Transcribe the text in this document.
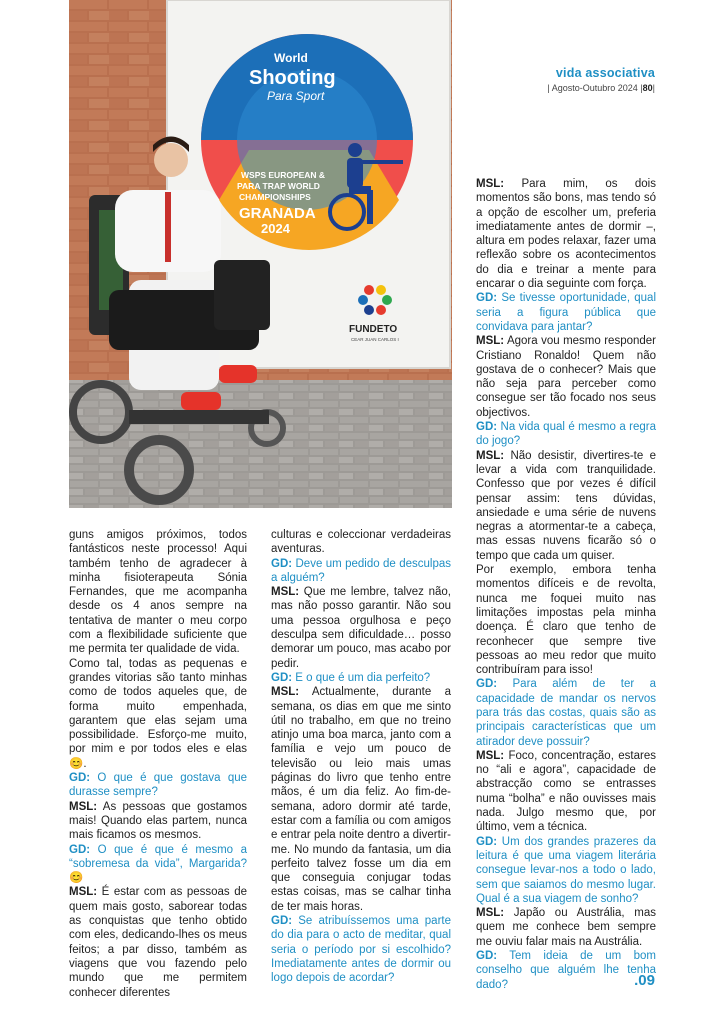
World
Shooting
Para Sport
WSPS EUROPEAN &
PARA TRAP WORLD
CHAMPIONSHIPS
GRANADA
2024
FUNDETO
CEAR JUAN CARLOS I
vida associativa
| Agosto-Outubro 2024 |80|

guns amigos próximos, todos fantásticos neste processo! Aqui também tenho de agradecer à minha fisioterapeuta Sónia Fernandes, que me acompanha desde os 4 anos sempre na tentativa de manter o meu corpo com a flexibilidade suficiente que me permita ter qualidade de vida.

Como tal, todas as pequenas e grandes vitorias são tanto minhas como de todos aqueles que, de forma muito empenhada, garantem que elas sejam uma possibilidade. Esforço-me muito, por mim e por todos eles e elas 😊.

GD: O que é que gostava que durasse sempre?

MSL: As pessoas que gostamos mais! Quando elas partem, nunca mais ficamos os mesmos.

GD: O que é que é mesmo a “sobremesa da vida”, Margarida? 😊

MSL: É estar com as pessoas de quem mais gosto, saborear todas as conquistas que tenho obtido com eles, dedicando-lhes os meus feitos; a par disso, também as viagens que vou fazendo pelo mundo que me permitem conhecer diferentes

culturas e coleccionar verdadeiras aventuras.

GD: Deve um pedido de desculpas a alguém?

MSL: Que me lembre, talvez não, mas não posso garantir. Não sou uma pessoa orgulhosa e peço desculpa sem dificuldade… posso demorar um pouco, mas acabo por pedir.

GD: E o que é um dia perfeito?

MSL: Actualmente, durante a semana, os dias em que me sinto útil no trabalho, em que no treino atinjo uma boa marca, janto com a família e vejo um pouco de televisão ou leio mais umas páginas do livro que tenho entre mãos, é um dia feliz. Ao fim-de-semana, adoro dormir até tarde, estar com a família ou com amigos e entrar pela noite dentro a divertir-me. No mundo da fantasia, um dia perfeito talvez fosse um dia em que conseguia conjugar todas estas coisas, mas se calhar tinha de ter mais horas.

GD: Se atribuíssemos uma parte do dia para o acto de meditar, qual seria o período por si escolhido? Imediatamente antes de dormir ou logo depois de acordar?

MSL: Para mim, os dois momentos são bons, mas tendo só a opção de escolher um, preferia imediatamente antes de dormir –, altura em podes relaxar, fazer uma reflexão sobre os acontecimentos do dia e treinar a mente para encarar o dia seguinte com força.

GD: Se tivesse oportunidade, qual seria a figura pública que convidava para jantar?

MSL: Agora vou mesmo responder Cristiano Ronaldo! Quem não gostava de o conhecer? Mais que não seja para perceber como consegue ser tão focado nos seus objectivos.

GD: Na vida qual é mesmo a regra do jogo?

MSL: Não desistir, divertires-te e levar a vida com tranquilidade. Confesso que por vezes é difícil pensar assim: tens dúvidas, ansiedade e uma série de nuvens negras a atormentar-te a cabeça, mas essas nuvens ficarão só o tempo que cada um quiser.

Por exemplo, embora tenha momentos difíceis e de revolta, nunca me foquei muito nas limitações impostas pela minha doença. É claro que tenho de reconhecer que sempre tive pessoas ao meu redor que muito contribuíram para isso!

GD: Para além de ter a capacidade de mandar os nervos para trás das costas, quais são as principais características que um atirador deve possuir?

MSL: Foco, concentração, estares no “ali e agora”, capacidade de abstracção como se entrasses numa “bolha” e não ouvisses mais nada. Julgo mesmo que, por último, vem a técnica.

GD: Um dos grandes prazeres da leitura é que uma viagem literária consegue levar-nos a todo o lado, sem que saiamos do mesmo lugar. Qual é a sua viagem de sonho?

MSL: Japão ou Austrália, mas quem me conhece bem sempre me ouviu falar mais na Austrália.

GD: Tem ideia de um bom conselho que alguém lhe tenha dado?	.09
